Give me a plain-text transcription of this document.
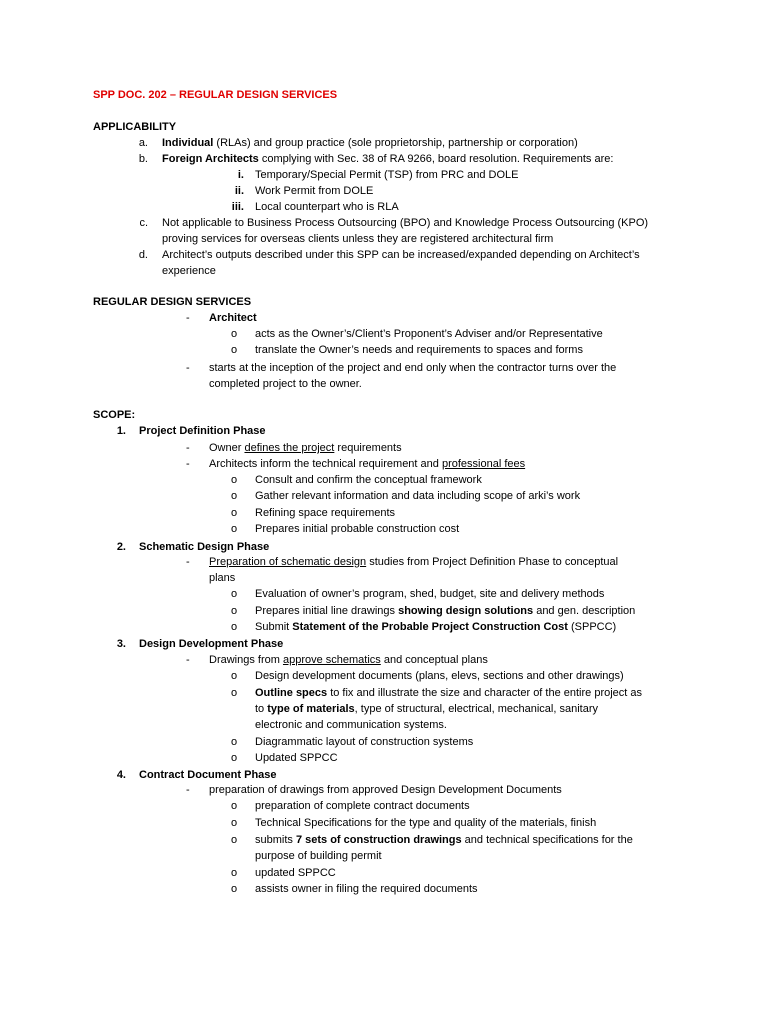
SPP DOC. 202 – REGULAR DESIGN SERVICES
APPLICABILITY
a. Individual (RLAs) and group practice (sole proprietorship, partnership or corporation)
b. Foreign Architects complying with Sec. 38 of RA 9266, board resolution. Requirements are:
i. Temporary/Special Permit (TSP) from PRC and DOLE
ii. Work Permit from DOLE
iii. Local counterpart who is RLA
c. Not applicable to Business Process Outsourcing (BPO) and Knowledge Process Outsourcing (KPO)
proving services for overseas clients unless they are registered architectural firm
d. Architect’s outputs described under this SPP can be increased/expanded depending on Architect’s
experience
REGULAR DESIGN SERVICES
- Architect
o acts as the Owner’s/Client’s Proponent’s Adviser and/or Representative
o translate the Owner’s needs and requirements to spaces and forms
- starts at the inception of the project and end only when the contractor turns over the
completed project to the owner.
SCOPE:
1. Project Definition Phase
- Owner defines the project requirements
- Architects inform the technical requirement and professional fees
o Consult and confirm the conceptual framework
o Gather relevant information and data including scope of arki’s work
o Refining space requirements
o Prepares initial probable construction cost
2. Schematic Design Phase
- Preparation of schematic design studies from Project Definition Phase to conceptual
plans
o Evaluation of owner’s program, shed, budget, site and delivery methods
o Prepares initial line drawings showing design solutions and gen. description
o Submit Statement of the Probable Project Construction Cost (SPPCC)
3. Design Development Phase
- Drawings from approve schematics and conceptual plans
o Design development documents (plans, elevs, sections and other drawings)
o Outline specs to fix and illustrate the size and character of the entire project as
to type of materials, type of structural, electrical, mechanical, sanitary
electronic and communication systems.
o Diagrammatic layout of construction systems
o Updated SPPCC
4. Contract Document Phase
- preparation of drawings from approved Design Development Documents
o preparation of complete contract documents
o Technical Specifications for the type and quality of the materials, finish
o submits 7 sets of construction drawings and technical specifications for the
purpose of building permit
o updated SPPCC
o assists owner in filing the required documents
